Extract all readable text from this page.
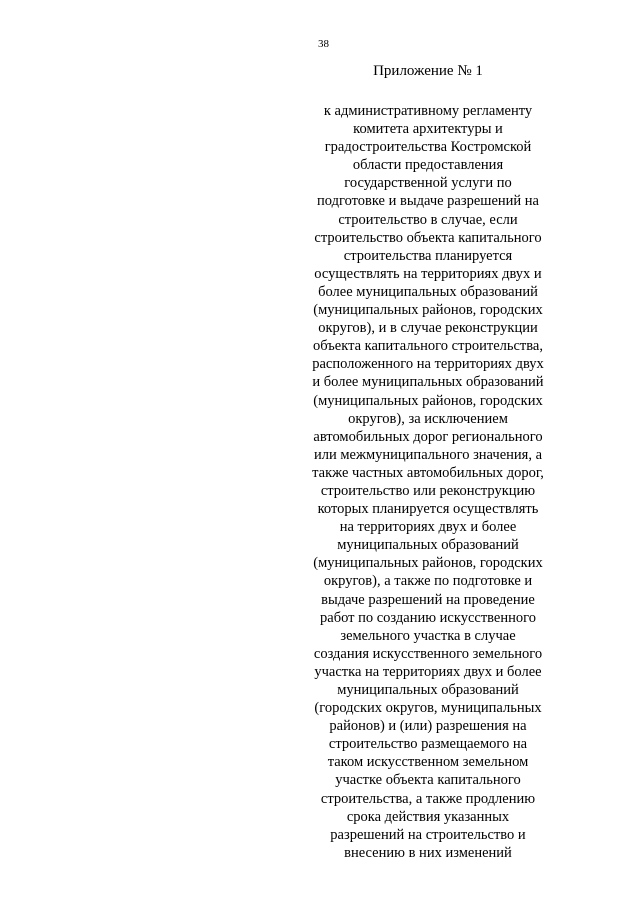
38
Приложение № 1
к административному регламенту
комитета архитектуры и
градостроительства Костромской
области предоставления
государственной услуги по
подготовке и выдаче разрешений на
строительство в случае, если
строительство объекта капитального
строительства планируется
осуществлять на территориях двух и
более муниципальных образований
(муниципальных районов, городских
округов), и в случае реконструкции
объекта капитального строительства,
расположенного на территориях двух
и более муниципальных образований
(муниципальных районов, городских
округов), за исключением
автомобильных дорог регионального
или межмуниципального значения, а
также частных автомобильных дорог,
строительство или реконструкцию
которых планируется осуществлять
на территориях двух и более
муниципальных образований
(муниципальных районов, городских
округов), а также по подготовке и
выдаче разрешений на проведение
работ по созданию искусственного
земельного участка в случае
создания искусственного земельного
участка на территориях двух и более
муниципальных образований
(городских округов, муниципальных
районов) и (или) разрешения на
строительство размещаемого на
таком искусственном земельном
участке объекта капитального
строительства, а также продлению
срока действия указанных
разрешений на строительство и
внесению в них изменений
